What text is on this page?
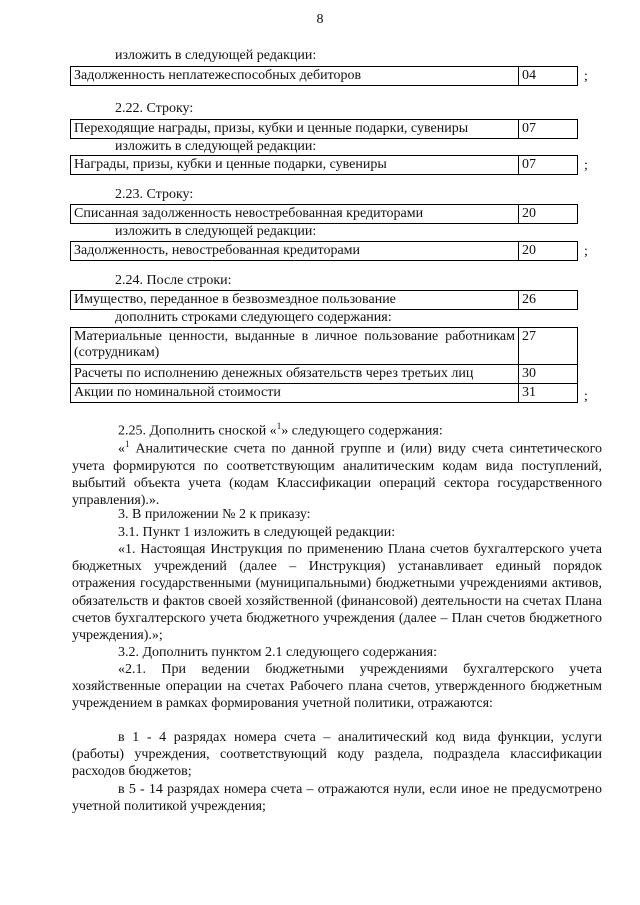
8
изложить в следующей редакции:
Задолженность неплатежеспособных дебиторов	04	;
2.22. Строку:
Переходящие награды, призы, кубки и ценные подарки, сувениры	07
изложить в следующей редакции:
Награды, призы, кубки и ценные подарки, сувениры	07	;
2.23. Строку:
Списанная задолженность невостребованная кредиторами	20
изложить в следующей редакции:
Задолженность, невостребованная кредиторами	20	;
2.24. После строки:
Имущество, переданное в безвозмездное пользование	26
дополнить строками следующего содержания:
Материальные ценности, выданные в личное пользование работникам (сотрудникам)	27
Расчеты по исполнению денежных обязательств через третьих лиц	30
Акции по номинальной стоимости	31	;
2.25. Дополнить сноской «$^1$» следующего содержания:
«$^1$ Аналитические счета по данной группе и (или) виду счета синтетического учета формируются по соответствующим аналитическим кодам вида поступлений, выбытий объекта учета (кодам Классификации операций сектора государственного управления).».
3. В приложении № 2 к приказу:
3.1. Пункт 1 изложить в следующей редакции:
«1. Настоящая Инструкция по применению Плана счетов бухгалтерского учета бюджетных учреждений (далее – Инструкция) устанавливает единый порядок отражения государственными (муниципальными) бюджетными учреждениями активов, обязательств и фактов своей хозяйственной (финансовой) деятельности на счетах Плана счетов бухгалтерского учета бюджетного учреждения (далее – План счетов бюджетного учреждения).»;
3.2. Дополнить пунктом 2.1 следующего содержания:
«2.1. При ведении бюджетными учреждениями бухгалтерского учета хозяйственные операции на счетах Рабочего плана счетов, утвержденного бюджетным учреждением в рамках формирования учетной политики, отражаются:
в 1 - 4 разрядах номера счета – аналитический код вида функции, услуги (работы) учреждения, соответствующий коду раздела, подраздела классификации расходов бюджетов;
в 5 - 14 разрядах номера счета – отражаются нули, если иное не предусмотрено учетной политикой учреждения;
